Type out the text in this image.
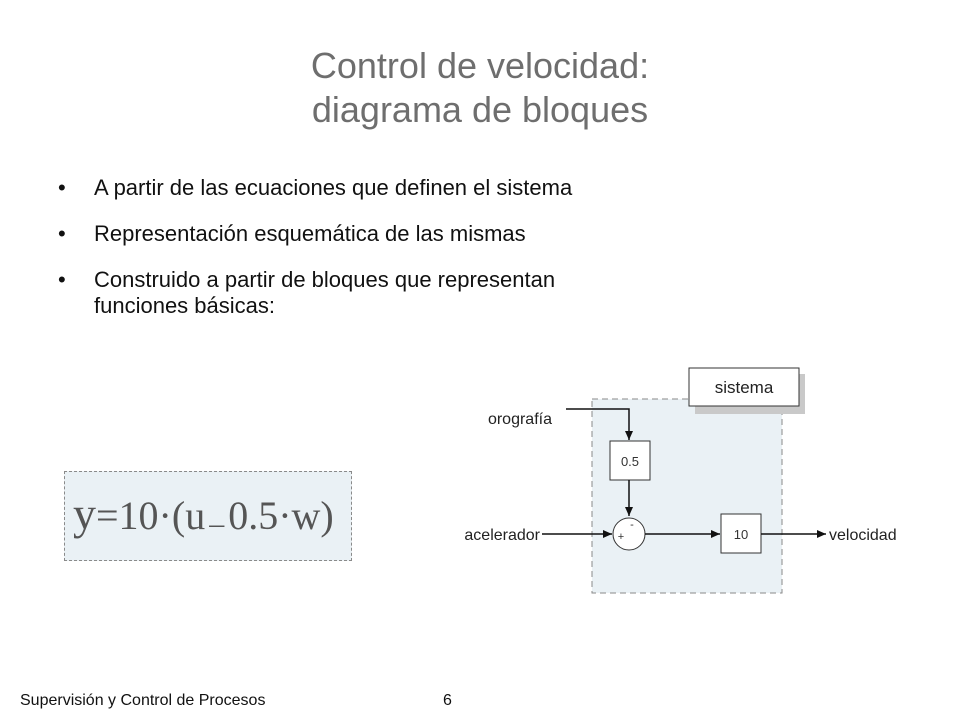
Control de velocidad:
diagrama de bloques
• A partir de las ecuaciones que definen el sistema
• Representación esquemática de las mismas
• Construido a partir de bloques que representan
funciones básicas:
y=10·(u – 0.5·w)
sistema
orografía
0.5
acelerador	+
-
10	velocidad
Supervisión y Control de Procesos	6
